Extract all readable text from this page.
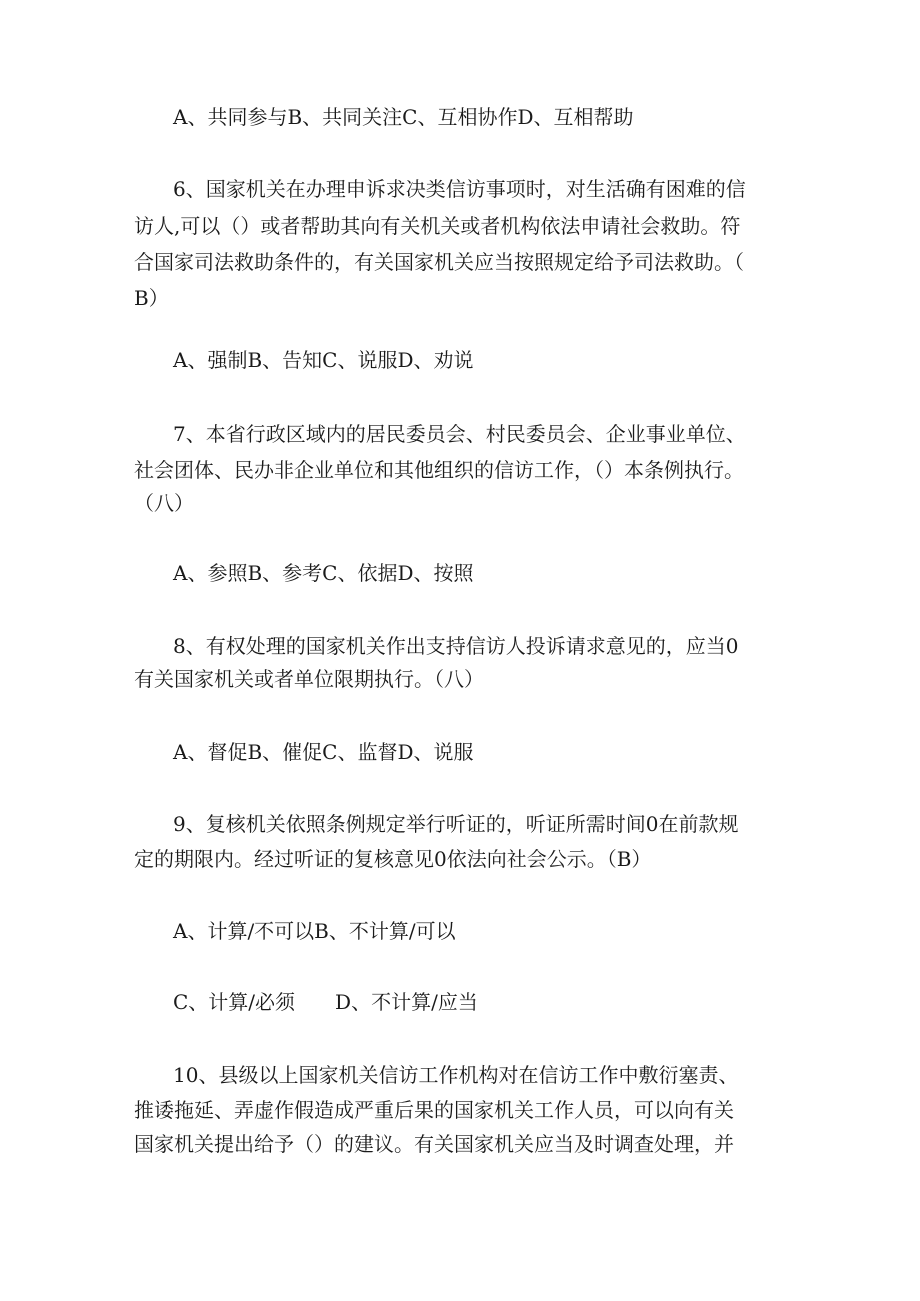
A、共同参与B、共同关注C、互相协作D、互相帮助
6、国家机关在办理申诉求决类信访事项时，对生活确有困难的信
访人,可以（）或者帮助其向有关机关或者机构依法申请社会救助。符
合国家司法救助条件的，有关国家机关应当按照规定给予司法救助。（
B）
A、强制B、告知C、说服D、劝说
7、本省行政区域内的居民委员会、村民委员会、企业事业单位、
社会团体、民办非企业单位和其他组织的信访工作，（）本条例执行。
（八）
A、参照B、参考C、依据D、按照
8、有权处理的国家机关作出支持信访人投诉请求意见的，应当0
有关国家机关或者单位限期执行。（八）
A、督促B、催促C、监督D、说服
9、复核机关依照条例规定举行听证的，听证所需时间0在前款规
定的期限内。经过听证的复核意见0依法向社会公示。（B）
A、计算/不可以B、不计算/可以
C、计算/必须　　D、不计算/应当
10、县级以上国家机关信访工作机构对在信访工作中敷衍塞责、
推诿拖延、弄虚作假造成严重后果的国家机关工作人员，可以向有关
国家机关提出给予（）的建议。有关国家机关应当及时调查处理，并
